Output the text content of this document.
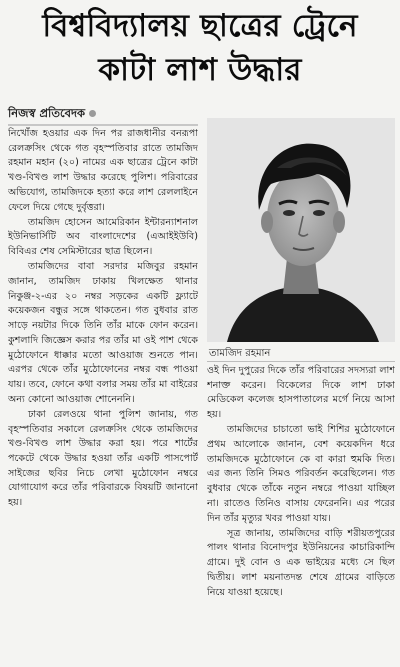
বিশ্ববিদ্যালয় ছাত্রের ট্রেনে
কাটা লাশ উদ্ধার
নিজস্ব প্রতিবেদক

নিখোঁজ হওয়ার এক দিন পর রাজধানীর বনরূপা রেলক্রসিং থেকে গত বৃহস্পতিবার রাতে তামজিদ রহমান মহান (২০) নামের এক ছাত্রের ট্রেনে কাটা খণ্ড-বিখণ্ড লাশ উদ্ধার করেছে পুলিশ। পরিবারের অভিযোগ, তামজিদকে হত্যা করে লাশ রেললাইনে ফেলে দিয়ে গেছে দুর্বৃত্তরা।

তামজিদ হোসেন আমেরিকান ইন্টারন্যাশনাল ইউনিভার্সিটি অব বাংলাদেশের (এআইইউবি) বিবিএর শেষ সেমিস্টারের ছাত্র ছিলেন।

তামজিদের বাবা সরদার মজিবুর রহমান জানান, তামজিদ ঢাকায় খিলক্ষেত থানার নিকুঞ্জ-২-এর ২০ নম্বর সড়কের একটি ফ্ল্যাটে কয়েকজন বন্ধুর সঙ্গে থাকতেন। গত বুধবার রাত সাড়ে নয়টার দিকে তিনি তাঁর মাকে ফোন করেন। কুশলাদি জিজ্ঞেস করার পর তাঁর মা ওই পাশ থেকে মুঠোফোনে ধাক্কার মতো আওয়াজ শুনতে পান। এরপর থেকে তাঁর মুঠোফোনের নম্বর বন্ধ পাওয়া যায়। তবে, ফোনে কথা বলার সময় তাঁর মা বাইরের অন্য কোনো আওয়াজ শোনেননি।

ঢাকা রেলওয়ে থানা পুলিশ জানায়, গত বৃহস্পতিবার সকালে রেলক্রসিং থেকে তামজিদের খণ্ড-বিখণ্ড লাশ উদ্ধার করা হয়। পরে শার্টের পকেটে থেকে উদ্ধার হওয়া তাঁর একটি পাসপোর্ট সাইজের ছবির নিচে লেখা মুঠোফোন নম্বরে যোগাযোগ করে তাঁর পরিবারকে বিষয়টি জানানো হয়।

তামজিদ রহমান

ওই দিন দুপুরের দিকে তাঁর পরিবারের সদস্যরা লাশ শনাক্ত করেন। বিকেলের দিকে লাশ ঢাকা মেডিকেল কলেজ হাসপাতালের মর্গে নিয়ে আসা হয়।

তামজিদের চাচাতো ভাই শিশির মুঠোফোনে প্রথম আলোকে জানান, বেশ কয়েকদিন ধরে তামজিদকে মুঠোফোনে কে বা কারা হুমকি দিত। এর জন্য তিনি সিমও পরিবর্তন করেছিলেন। গত বুধবার থেকে তাঁকে নতুন নম্বরে পাওয়া যাচ্ছিল না। রাতেও তিনিও বাসায় ফেরেননি। এর পরের দিন তাঁর মৃত্যুর খবর পাওয়া যায়।

সূত্র জানায়, তামজিদের বাড়ি শরীয়তপুরের পালং থানার বিনোদপুর ইউনিয়নের কাচারিকান্দি গ্রামে। দুই বোন ও এক ভাইয়ের মধ্যে সে ছিল দ্বিতীয়। লাশ ময়নাতদন্ত শেষে গ্রামের বাড়িতে নিয়ে যাওয়া হয়েছে।
